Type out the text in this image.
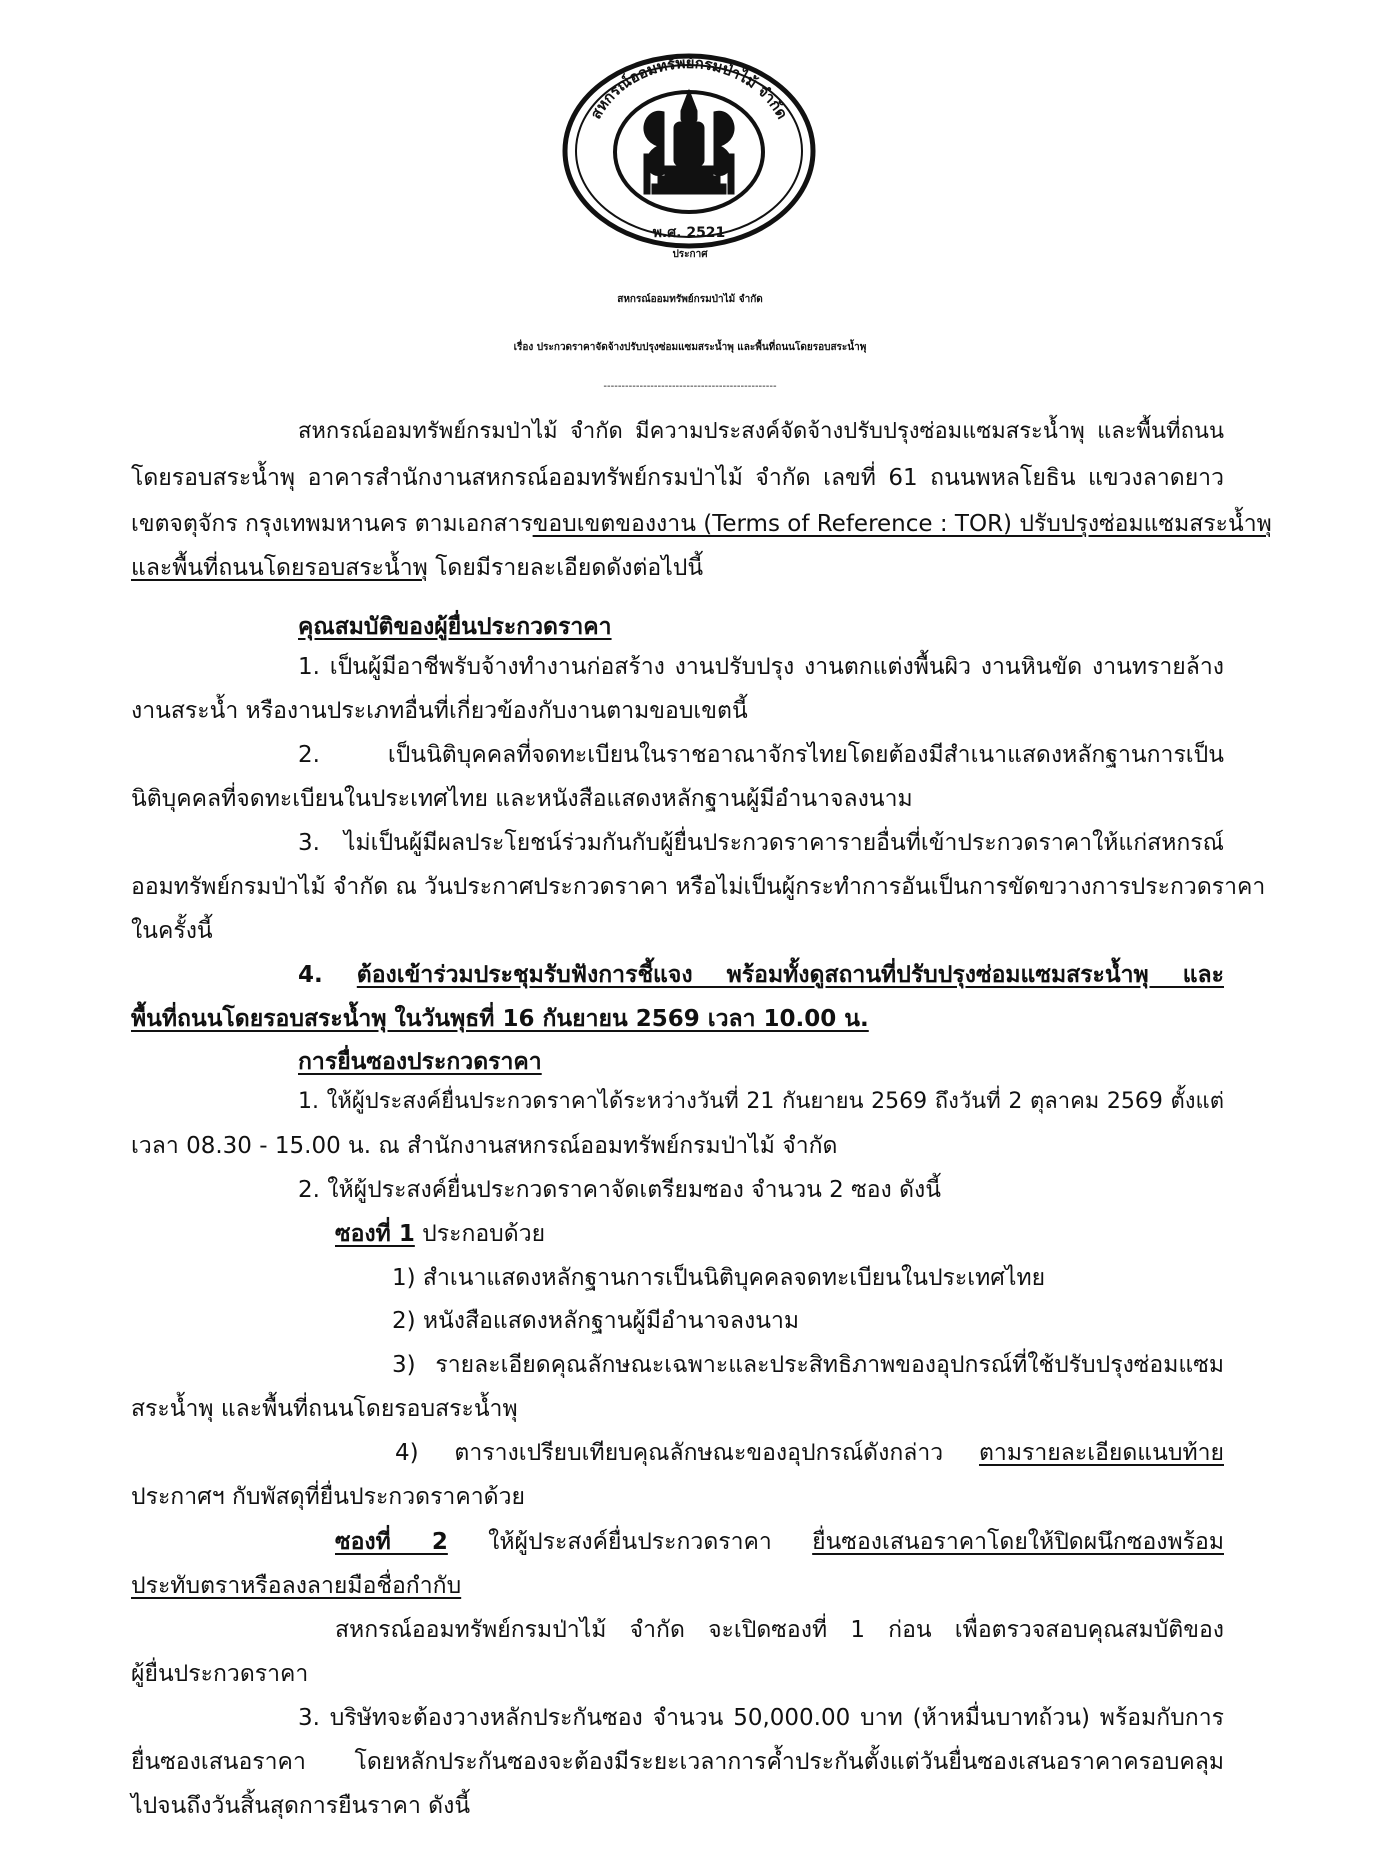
สหกรณ์ออมทรัพย์กรมป่าไม้ จำกัด
พ.ศ. 2521
ประกาศ
สหกรณ์ออมทรัพย์กรมป่าไม้ จำกัด
เรื่อง ประกวดราคาจัดจ้างปรับปรุงซ่อมแซมสระน้ำพุ และพื้นที่ถนนโดยรอบสระน้ำพุ
------------------------------------------------
สหกรณ์ออมทรัพย์กรมป่าไม้ จำกัด มีความประสงค์จัดจ้างปรับปรุงซ่อมแซมสระน้ำพุ และพื้นที่ถนน
โดยรอบสระน้ำพุ อาคารสำนักงานสหกรณ์ออมทรัพย์กรมป่าไม้ จำกัด เลขที่ 61 ถนนพหลโยธิน แขวงลาดยาว
เขตจตุจักร กรุงเทพมหานคร ตามเอกสารขอบเขตของงาน (Terms of Reference : TOR) ปรับปรุงซ่อมแซมสระน้ำพุ
และพื้นที่ถนนโดยรอบสระน้ำพุ โดยมีรายละเอียดดังต่อไปนี้
คุณสมบัติของผู้ยื่นประกวดราคา
1. เป็นผู้มีอาชีพรับจ้างทำงานก่อสร้าง งานปรับปรุง งานตกแต่งพื้นผิว งานหินขัด งานทรายล้าง
งานสระน้ำ หรืองานประเภทอื่นที่เกี่ยวข้องกับงานตามขอบเขตนี้
2. เป็นนิติบุคคลที่จดทะเบียนในราชอาณาจักรไทยโดยต้องมีสำเนาแสดงหลักฐานการเป็น
นิติบุคคลที่จดทะเบียนในประเทศไทย และหนังสือแสดงหลักฐานผู้มีอำนาจลงนาม
3. ไม่เป็นผู้มีผลประโยชน์ร่วมกันกับผู้ยื่นประกวดราคารายอื่นที่เข้าประกวดราคาให้แก่สหกรณ์
ออมทรัพย์กรมป่าไม้ จำกัด ณ วันประกาศประกวดราคา หรือไม่เป็นผู้กระทำการอันเป็นการขัดขวางการประกวดราคา
ในครั้งนี้
4. ต้องเข้าร่วมประชุมรับฟังการชี้แจง พร้อมทั้งดูสถานที่ปรับปรุงซ่อมแซมสระน้ำพุ และ
พื้นที่ถนนโดยรอบสระน้ำพุ ในวันพุธที่ 16 กันยายน 2569 เวลา 10.00 น.
การยื่นซองประกวดราคา
1. ให้ผู้ประสงค์ยื่นประกวดราคาได้ระหว่างวันที่ 21 กันยายน 2569 ถึงวันที่ 2 ตุลาคม 2569 ตั้งแต่
เวลา 08.30 - 15.00 น. ณ สำนักงานสหกรณ์ออมทรัพย์กรมป่าไม้ จำกัด
2. ให้ผู้ประสงค์ยื่นประกวดราคาจัดเตรียมซอง จำนวน 2 ซอง ดังนี้
ซองที่ 1 ประกอบด้วย
1) สำเนาแสดงหลักฐานการเป็นนิติบุคคลจดทะเบียนในประเทศไทย
2) หนังสือแสดงหลักฐานผู้มีอำนาจลงนาม
3) รายละเอียดคุณลักษณะเฉพาะและประสิทธิภาพของอุปกรณ์ที่ใช้ปรับปรุงซ่อมแซม
สระน้ำพุ และพื้นที่ถนนโดยรอบสระน้ำพุ
4) ตารางเปรียบเทียบคุณลักษณะของอุปกรณ์ดังกล่าว ตามรายละเอียดแนบท้าย
ประกาศฯ กับพัสดุที่ยื่นประกวดราคาด้วย
ซองที่ 2 ให้ผู้ประสงค์ยื่นประกวดราคา ยื่นซองเสนอราคาโดยให้ปิดผนึกซองพร้อม
ประทับตราหรือลงลายมือชื่อกำกับ
สหกรณ์ออมทรัพย์กรมป่าไม้ จำกัด จะเปิดซองที่ 1 ก่อน เพื่อตรวจสอบคุณสมบัติของ
ผู้ยื่นประกวดราคา
3. บริษัทจะต้องวางหลักประกันซอง จำนวน 50,000.00 บาท (ห้าหมื่นบาทถ้วน) พร้อมกับการ
ยื่นซองเสนอราคา โดยหลักประกันซองจะต้องมีระยะเวลาการค้ำประกันตั้งแต่วันยื่นซองเสนอราคาครอบคลุม
ไปจนถึงวันสิ้นสุดการยืนราคา ดังนี้
